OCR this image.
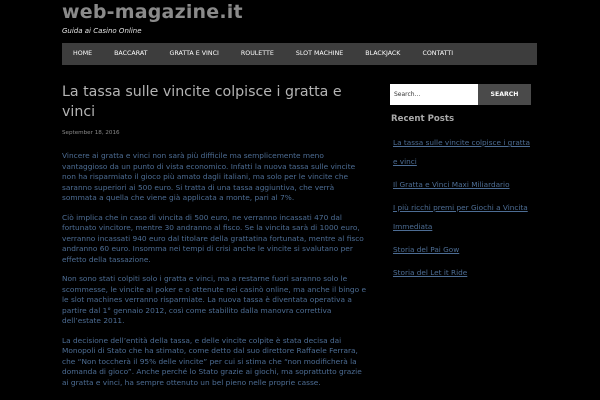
web-magazine.it
Guida ai Casino Online
HOME	BACCARAT	GRATTA E VINCI	ROULETTE	SLOT MACHINE	BLACKJACK	CONTATTI
La tassa sulle vincite colpisce i gratta e vinci
September 18, 2016

Vincere ai gratta e vinci non sarà più difficile ma semplicemente meno vantaggioso da un punto di vista economico. Infatti la nuova tassa sulle vincite non ha risparmiato il gioco più amato dagli italiani, ma solo per le vincite che saranno superiori ai 500 euro. Si tratta di una tassa aggiuntiva, che verrà sommata a quella che viene già applicata a monte, pari al 7%.

Ciò implica che in caso di vincita di 500 euro, ne verranno incassati 470 dal fortunato vincitore, mentre 30 andranno al fisco. Se la vincita sarà di 1000 euro, verranno incassati 940 euro dal titolare della grattatina fortunata, mentre al fisco andranno 60 euro. Insomma nei tempi di crisi anche le vincite si svalutano per effetto della tassazione.

Non sono stati colpiti solo i gratta e vinci, ma a restarne fuori saranno solo le scommesse, le vincite al poker e o ottenute nei casinò online, ma anche il bingo e le slot machines verranno risparmiate. La nuova tassa è diventata operativa a partire dal 1° gennaio 2012, così come stabilito dalla manovra correttiva dell’estate 2011.

La decisione dell’entità della tassa, e delle vincite colpite è stata decisa dai Monopoli di Stato che ha stimato, come detto dal suo direttore Raffaele Ferrara, che “Non toccherà il 95% delle vincite” per cui si stima che “non modificherà la domanda di gioco”. Anche perché lo Stato grazie ai giochi, ma soprattutto grazie ai gratta e vinci, ha sempre ottenuto un bel pieno nelle proprie casse.

Search...
SEARCH
Recent Posts
La tassa sulle vincite colpisce i gratta e vinci
Il Gratta e Vinci Maxi Miliardario
I più ricchi premi per Giochi a Vincita Immediata
Storia del Pai Gow
Storia del Let it Ride
